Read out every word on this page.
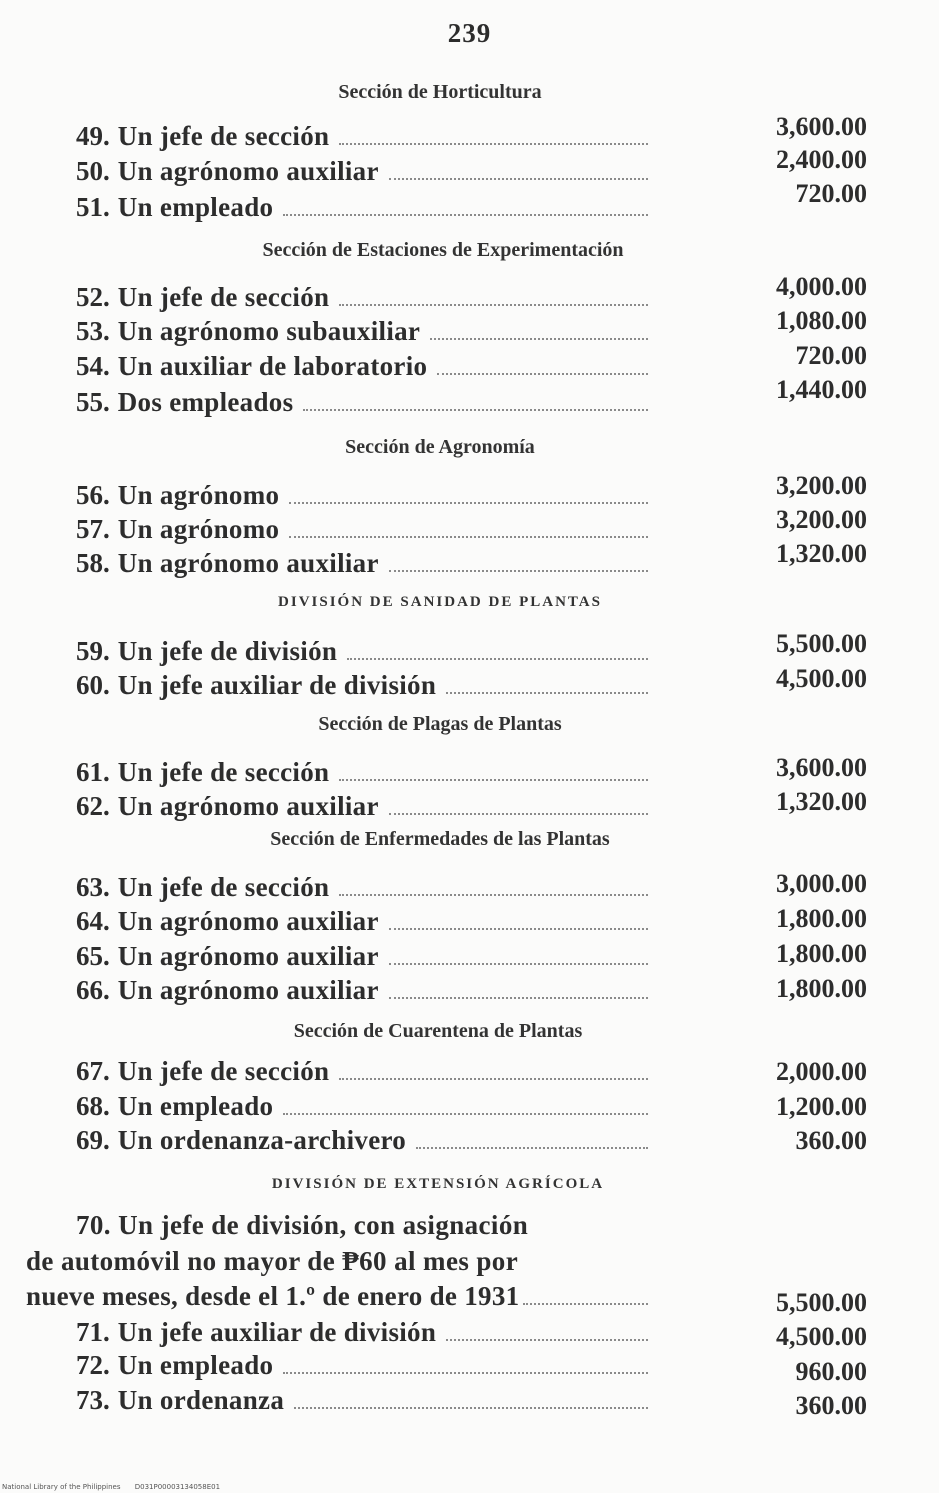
239
Sección de Horticultura
49. Un jefe de sección	3,600.00
50. Un agrónomo auxiliar	2,400.00
51. Un empleado	720.00
Sección de Estaciones de Experimentación
52. Un jefe de sección	4,000.00
53. Un agrónomo subauxiliar	1,080.00
54. Un auxiliar de laboratorio	720.00
55. Dos empleados	1,440.00
Sección de Agronomía
56. Un agrónomo	3,200.00
57. Un agrónomo	3,200.00
58. Un agrónomo auxiliar	1,320.00
DIVISIÓN DE SANIDAD DE PLANTAS
59. Un jefe de división	5,500.00
60. Un jefe auxiliar de división	4,500.00
Sección de Plagas de Plantas
61. Un jefe de sección	3,600.00
62. Un agrónomo auxiliar	1,320.00
Sección de Enfermedades de las Plantas
63. Un jefe de sección	3,000.00
64. Un agrónomo auxiliar	1,800.00
65. Un agrónomo auxiliar	1,800.00
66. Un agrónomo auxiliar	1,800.00
Sección de Cuarentena de Plantas
67. Un jefe de sección	2,000.00
68. Un empleado	1,200.00
69. Un ordenanza-archivero	360.00
DIVISIÓN DE EXTENSIÓN AGRÍCOLA
70. Un jefe de división, con asignación
de automóvil no mayor de ₱60 al mes por
nueve meses, desde el 1.º de enero de 1931	5,500.00
71. Un jefe auxiliar de división	4,500.00
72. Un empleado	960.00
73. Un ordenanza	360.00
National Library of the Philippines D031P00003134058E01
